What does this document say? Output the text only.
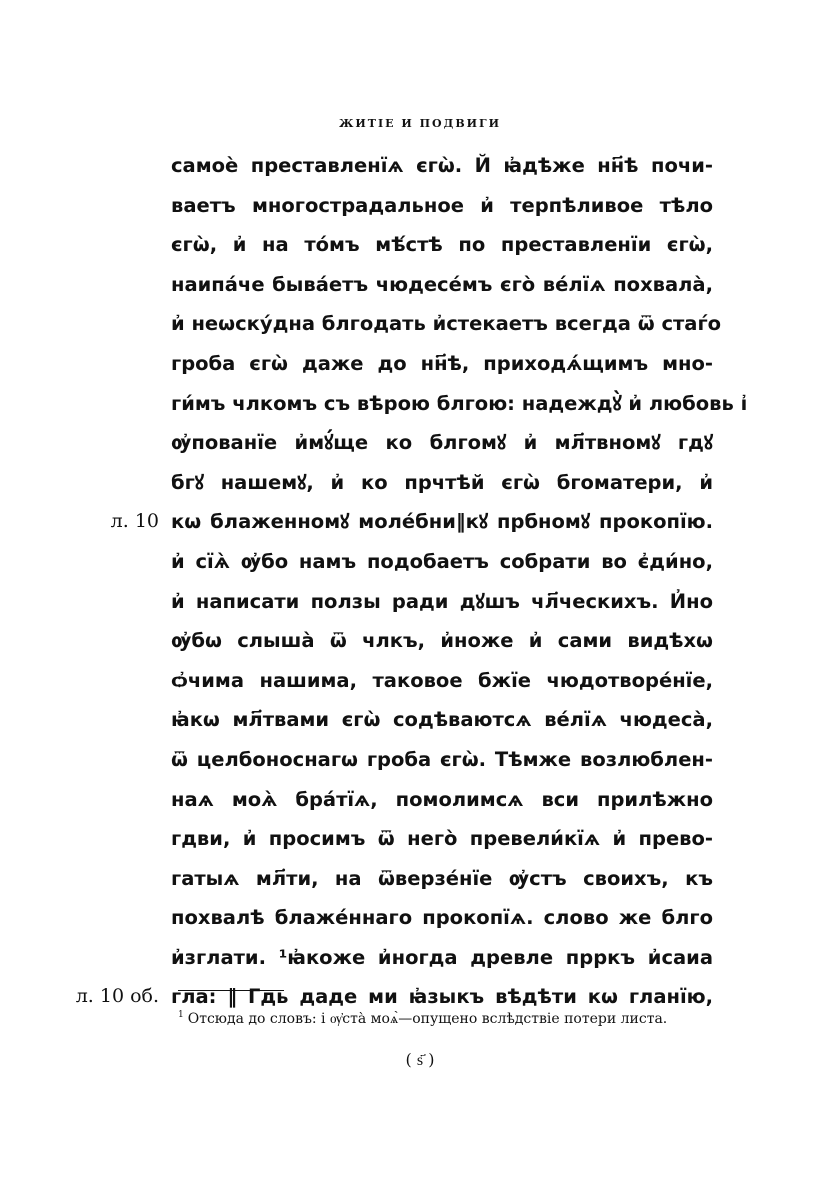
ЖИТІЕ И ПОДВИГИ
самоѐ преставленїѧ єгѡ̀. Й ꙗ҆дѣже нн҃ѣ почи-
ваетъ многострадальное и҆ терпѣливое тѣло
єгѡ̀, и҆ на то́мъ мѣ́стѣ по преставленїи єгѡ̀,
наипа́че быва́етъ чюдесе́мъ єго̀ ве́лїѧ похвала̀,
и҆ неѡску́дна блгодать и҆стекаетъ всегда ѿ стаѓо
гроба єгѡ̀ даже до нн҃ѣ, приходѧ́щимъ мно-
ги́мъ члкомъ съ вѣрою блгою: надеждꙋ̀ и҆ любовь і҆
ѹ҆пованїе и҆мꙋ́ще ко блгомꙋ и҆ мл҃твномꙋ гдꙋ
бгꙋ нашемꙋ, и҆ ко прчтѣй єгѡ̀ бгоматери, и҆
л. 10 кѡ блаженномꙋ моле́бни‖кꙋ прбномꙋ прокопїю.
и҆ сїѧ̀ ѹ҆бо намъ подобаетъ собрати во є҆ди́но,
и҆ написати ползы ради дꙋшъ чл҃ческихъ. И҆но
ѹ҆бѡ слыша̀ ѿ члкъ, и҆ноже и҆ сами видѣхѡ
ѻ҆чима нашима, таковое бжїе чюдотворе́нїе,
ꙗ҆кѡ мл҃твами єгѡ̀ содѣваютсѧ ве́лїѧ чюдеса̀,
ѿ целбоноснагѡ гроба єгѡ̀. Тѣмже возлюблен-
наѧ моѧ̀ бра́тїѧ, помолимсѧ вси прилѣжно
гдви, и҆ просимъ ѿ него̀ превели́кїѧ и҆ прево-
гатыѧ мл҃ти, на ѿверзе́нїе ѹ҆стъ своихъ, къ
похвалѣ блаже́ннаго прокопїѧ. слово же блго
и҆зглати. ¹ꙗ҆коже и҆ногда древле прркъ и҆саиа
л. 10 об. гла: ‖ Гдь даде ми ꙗ҆зыкъ вѣдѣти кѡ гланїю,
$^1$ Отсюда до словъ: і ѹ҆ста̀ моѧ̀—опущено вслѣдствіе потери листа.
( ѕ҃ )
